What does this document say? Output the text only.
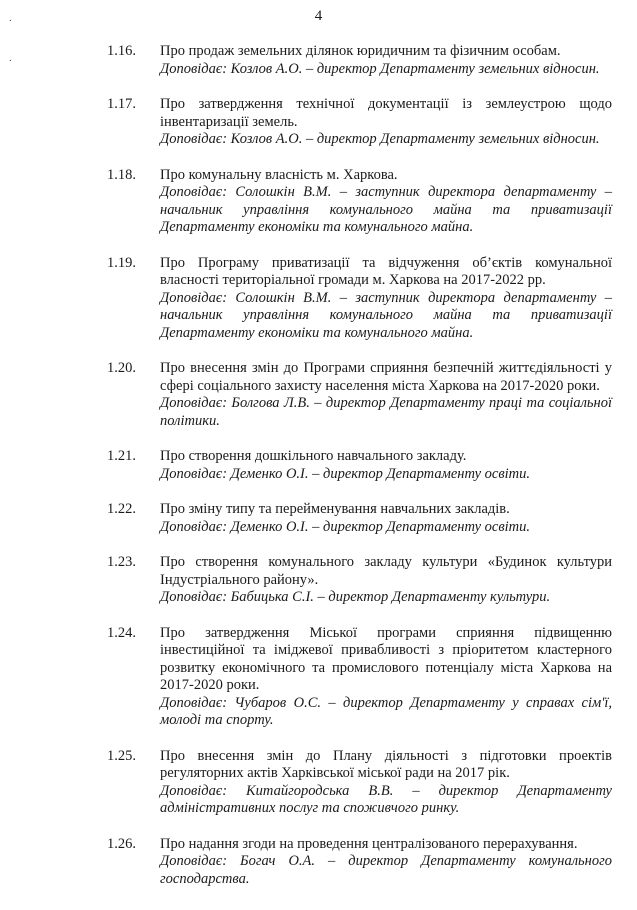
4
.
.	1.16.	Про продаж земельних ділянок юридичним та фізичним особам.
Доповідає: Козлов А.О. – директор Департаменту земельних відносин.
1.17.	Про затвердження технічної документації із землеустрою щодо інвентаризації земель.
Доповідає: Козлов А.О. – директор Департаменту земельних відносин.
1.18.	Про комунальну власність м. Харкова.
Доповідає: Солошкін В.М. – заступник директора департаменту – начальник управління комунального майна та приватизації Департаменту економіки та комунального майна.
1.19.	Про Програму приватизації та відчуження об’єктів комунальної власності територіальної громади м. Харкова на 2017-2022 рр.
Доповідає: Солошкін В.М. – заступник директора департаменту – начальник управління комунального майна та приватизації Департаменту економіки та комунального майна.
1.20.	Про внесення змін до Програми сприяння безпечній життєдіяльності у сфері соціального захисту населення міста Харкова на 2017-2020 роки.
Доповідає: Болгова Л.В. – директор Департаменту праці та соціальної політики.
1.21.	Про створення дошкільного навчального закладу.
Доповідає: Деменко О.І. – директор Департаменту освіти.
1.22.	Про зміну типу та перейменування навчальних закладів.
Доповідає: Деменко О.І. – директор Департаменту освіти.
1.23.	Про створення комунального закладу культури «Будинок культури Індустріального району».
Доповідає: Бабицька С.І. – директор Департаменту культури.
1.24.	Про затвердження Міської програми сприяння підвищенню інвестиційної та іміджевої привабливості з пріоритетом кластерного розвитку економічного та промислового потенціалу міста Харкова на 2017-2020 роки.
Доповідає: Чубаров О.С. – директор Департаменту у справах сім'ї, молоді та спорту.
1.25.	Про внесення змін до Плану діяльності з підготовки проектів регуляторних актів Харківської міської ради на 2017 рік.
Доповідає: Китайгородська В.В. – директор Департаменту адміністративних послуг та споживчого ринку.
1.26.	Про надання згоди на проведення централізованого перерахування.
Доповідає: Богач О.А. – директор Департаменту комунального господарства.
